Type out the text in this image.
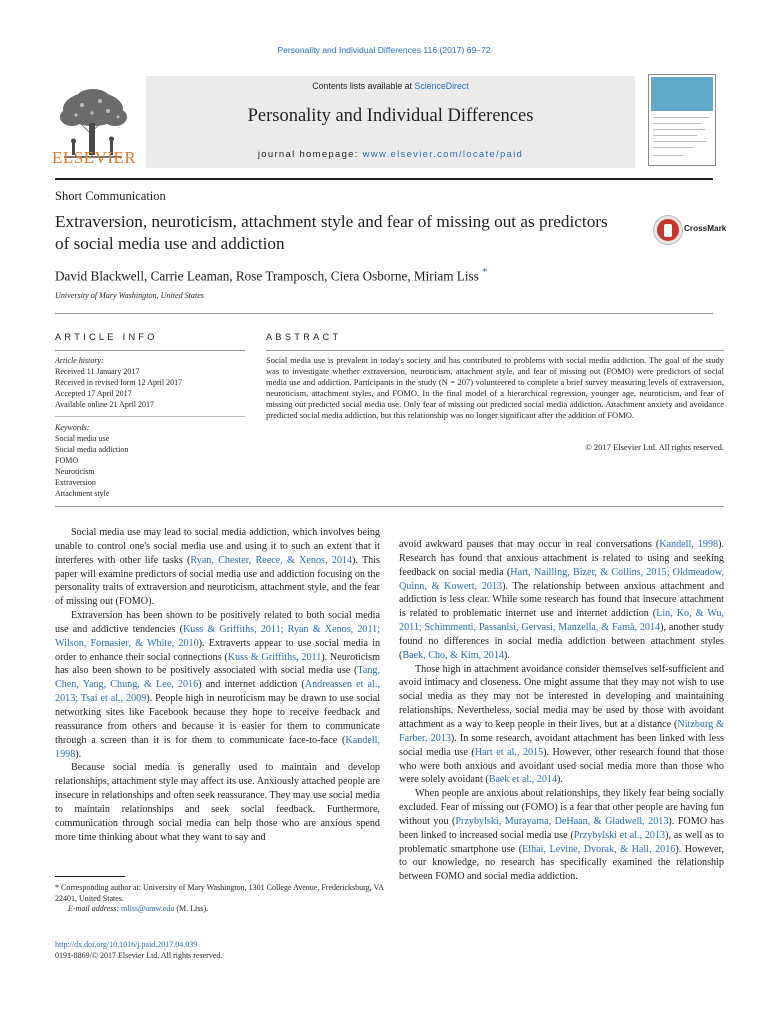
Personality and Individual Differences 116 (2017) 69–72
ELSEVIER
Contents lists available at ScienceDirect
Personality and Individual Differences
journal homepage: www.elsevier.com/locate/paid
Short Communication
Extraversion, neuroticism, attachment style and fear of missing out as predictors of social media use and addiction
CrossMark
David Blackwell, Carrie Leaman, Rose Tramposch, Ciera Osborne, Miriam Liss *
University of Mary Washington, United States
ARTICLE INFO	ABSTRACT
Article history:
Received 11 January 2017
Received in revised form 12 April 2017
Accepted 17 April 2017
Available online 21 April 2017
Keywords:
Social media use
Social media addiction
FOMO
Neuroticism
Extraversion
Attachment style
Social media use is prevalent in today's society and has contributed to problems with social media addiction. The goal of the study was to investigate whether extraversion, neuroticism, attachment style, and fear of missing out (FOMO) were predictors of social media use and addiction. Participants in the study (N = 207) volunteered to complete a brief survey measuring levels of extraversion, neuroticism, attachment styles, and FOMO. In the final model of a hierarchical regression, younger age, neuroticism, and fear of missing out predicted social media use. Only fear of missing out predicted social media addiction. Attachment anxiety and avoidance predicted social media addiction, but this relationship was no longer significant after the addition of FOMO.
© 2017 Elsevier Ltd. All rights reserved.

Social media use may lead to social media addiction, which involves being unable to control one's social media use and using it to such an extent that it interferes with other life tasks (Ryan, Chester, Reece, & Xenos, 2014). This paper will examine predictors of social media use and addiction focusing on the personality traits of extraversion and neuroticism, attachment style, and the fear of missing out (FOMO).

Extraversion has been shown to be positively related to both social media use and addictive tendencies (Kuss & Griffiths, 2011; Ryan & Xenos, 2011; Wilson, Fornasier, & White, 2010). Extraverts appear to use social media in order to enhance their social connections (Kuss & Griffiths, 2011). Neuroticism has also been shown to be positively associated with social media use (Tang, Chen, Yang, Chung, & Lee, 2016) and internet addiction (Andreassen et al., 2013; Tsai et al., 2009). People high in neuroticism may be drawn to use social networking sites like Facebook because they hope to receive feedback and reassurance from others and because it is easier for them to communicate through a screen than it is for them to communicate face-to-face (Kandell, 1998).

Because social media is generally used to maintain and develop relationships, attachment style may affect its use. Anxiously attached people are insecure in relationships and often seek reassurance. They may use social media to maintain relationships and seek social feedback. Furthermore, communication through social media can help those who are anxious spend more time thinking about what they want to say and

avoid awkward pauses that may occur in real conversations (Kandell, 1998). Research has found that anxious attachment is related to using and seeking feedback on social media (Hart, Nailling, Bizer, & Collins, 2015; Oldmeadow, Quinn, & Kowert, 2013). The relationship between anxious attachment and addiction is less clear. While some research has found that insecure attachment is related to problematic internet use and internet addiction (Lin, Ko, & Wu, 2011; Schimmenti, Passanisi, Gervasi, Manzella, & Famà, 2014), another study found no differences in social media addiction between attachment styles (Baek, Cho, & Kim, 2014).

Those high in attachment avoidance consider themselves self-sufficient and avoid intimacy and closeness. One might assume that they may not wish to use social media as they may not be interested in developing and maintaining relationships. Nevertheless, social media may be used by those with avoidant attachment as a way to keep people in their lives, but at a distance (Nitzburg & Farber, 2013). In some research, avoidant attachment has been linked with less social media use (Hart et al., 2015). However, other research found that those who were both anxious and avoidant used social media more than those who were solely avoidant (Baek et al., 2014).

When people are anxious about relationships, they likely fear being socially excluded. Fear of missing out (FOMO) is a fear that other people are having fun without you (Przybylski, Murayama, DeHaan, & Gladwell, 2013). FOMO has been linked to increased social media use (Przybylski et al., 2013), as well as to problematic smartphone use (Elhai, Levine, Dvorak, & Hall, 2016). However, to our knowledge, no research has specifically examined the relationship between FOMO and social media addiction.

* Corresponding author at: University of Mary Washington, 1301 College Avenue, Fredericksburg, VA 22401, United States.
E-mail address: mliss@umw.edu (M. Liss).
http://dx.doi.org/10.1016/j.paid.2017.04.039
0191-8869/© 2017 Elsevier Ltd. All rights reserved.
